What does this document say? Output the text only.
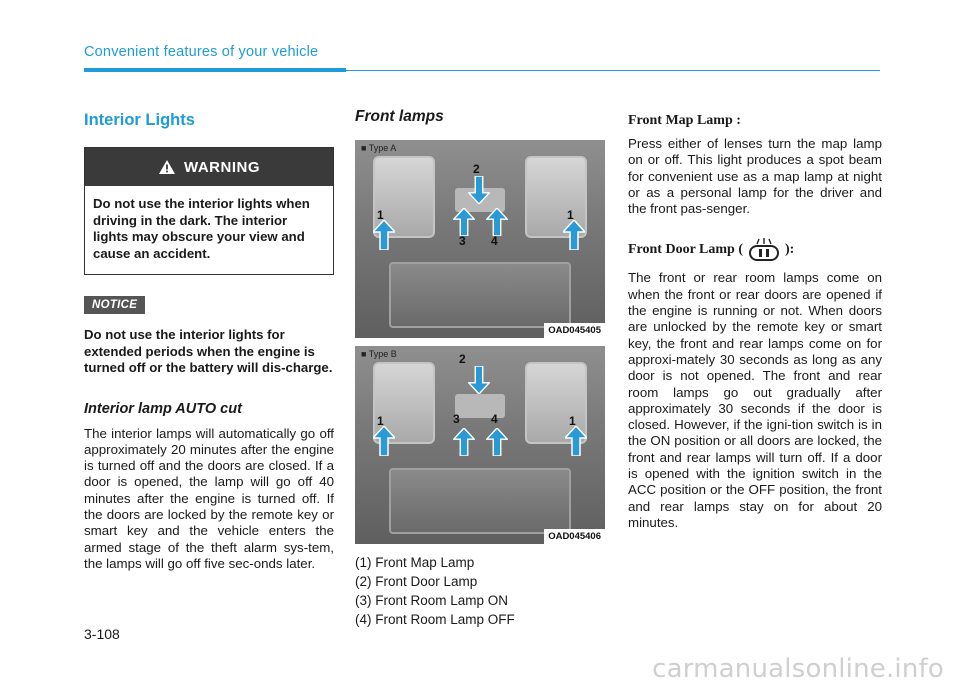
Convenient features of your vehicle
Interior Lights
WARNING
Do not use the interior lights when driving in the dark. The interior lights may obscure your view and cause an accident.
NOTICE
Do not use the interior lights for extended periods when the engine is turned off or the battery will dis-charge.
Interior lamp AUTO cut
The interior lamps will automatically go off approximately 20 minutes after the engine is turned off and the doors are closed. If a door is opened, the lamp will go off 40 minutes after the engine is turned off. If the doors are locked by the remote key or smart key and the vehicle enters the armed stage of the theft alarm sys-tem, the lamps will go off five sec-onds later.
Front lamps
■ Type A
1
2
3 4
1
OAD045405
■ Type B
1
2
3	4	1
OAD045406
(1) Front Map Lamp
(2) Front Door Lamp
(3) Front Room Lamp ON
(4) Front Room Lamp OFF
Front Map Lamp :
Press either of lenses turn the map lamp on or off. This light produces a spot beam for convenient use as a map lamp at night or as a personal lamp for the driver and the front pas-senger.
Front Door Lamp (	):
The front or rear room lamps come on when the front or rear doors are opened if the engine is running or not. When doors are unlocked by the remote key or smart key, the front and rear lamps come on for approxi-mately 30 seconds as long as any door is not opened. The front and rear room lamps go out gradually after approximately 30 seconds if the door is closed. However, if the igni-tion switch is in the ON position or all doors are locked, the front and rear lamps will turn off. If a door is opened with the ignition switch in the ACC position or the OFF position, the front and rear lamps stay on for about 20 minutes.
3-108
carmanualsonline.info
